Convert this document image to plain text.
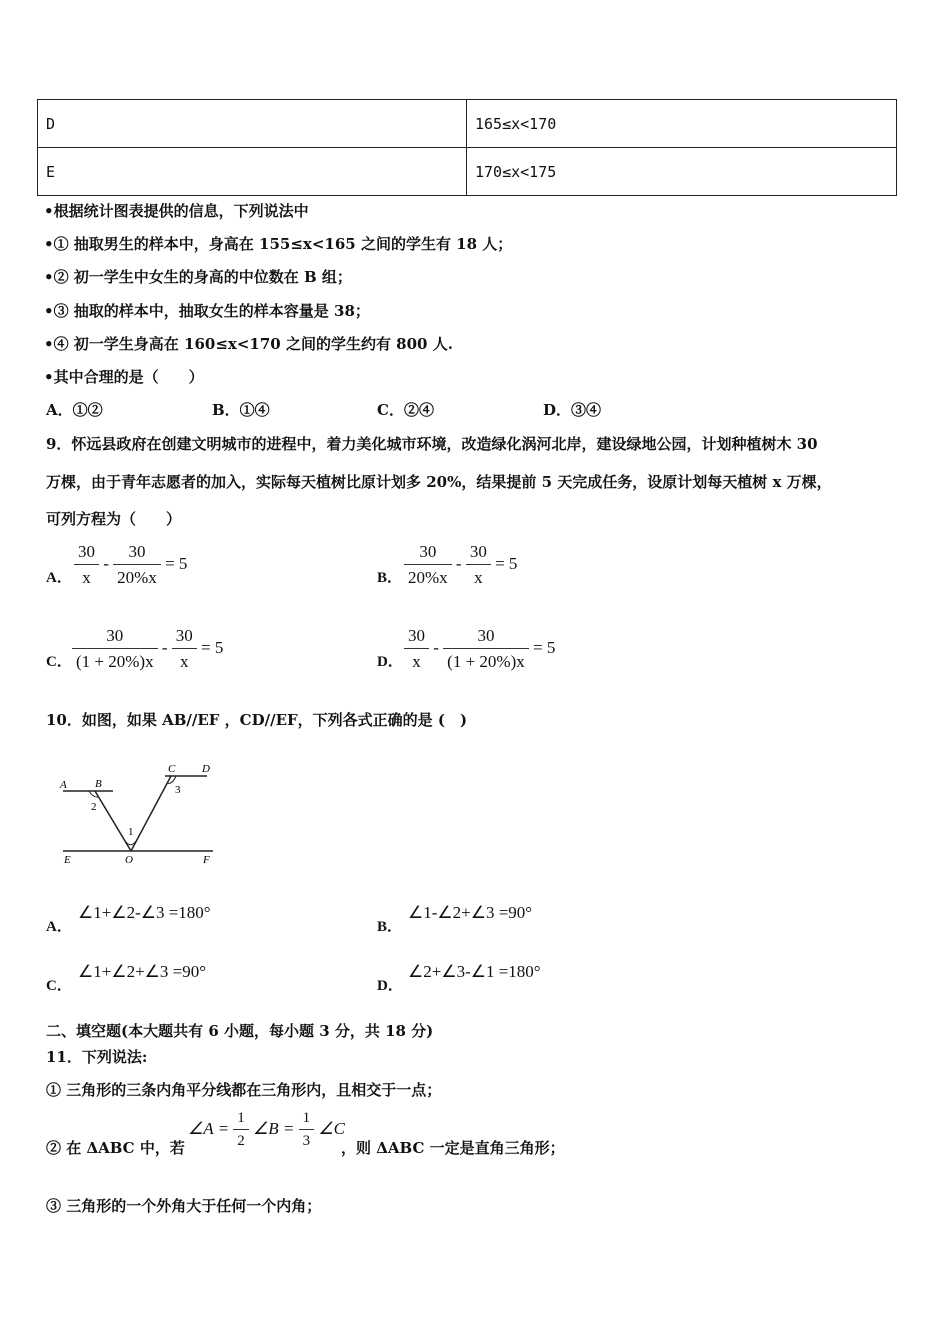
D	165≤x<170
E	170≤x<175
•根据统计图表提供的信息，下列说法中
•① 抽取男生的样本中，身高在 155≤x<165 之间的学生有 18 人；
•② 初一学生中女生的身高的中位数在 B 组；
•③ 抽取的样本中，抽取女生的样本容量是 38；
•④ 初一学生身高在 160≤x<170 之间的学生约有 800 人.
•其中合理的是（　　）
A．①②	B．①④	C．②④	D．③④
9．怀远县政府在创建文明城市的进程中，着力美化城市环境，改造绿化涡河北岸，建设绿地公园，计划种植树木 30
万棵，由于青年志愿者的加入，实际每天植树比原计划多 20%，结果提前 5 天完成任务，设原计划每天植树 x 万棵，
可列方程为（　　）
A． $\frac{30}{x} - \frac{30}{20\%x} = 5$
B． $\frac{30}{20\%x} - \frac{30}{x} = 5$
C． $\frac{30}{(1 + 20\%)x} - \frac{30}{x} = 5$
D． $\frac{30}{x} - \frac{30}{(1 + 20\%)x} = 5$
10．如图，如果 AB//EF ，CD//EF，下列各式正确的是 (　)
A	B
C D
E	O	F
1
2
3
A．
∠1+∠2-∠3 =180°
B．
∠1-∠2+∠3 =90°
C．
∠1+∠2+∠3 =90°
D．
∠2+∠3-∠1 =180°
二、填空题(本大题共有 6 小题，每小题 3 分，共 18 分)
11．下列说法:
① 三角形的三条内角平分线都在三角形内，且相交于一点；
② 在 ΔABC 中，若
∠A = $\frac{1}{2}$ ∠B = $\frac{1}{3}$ ∠C
，则 ΔABC 一定是直角三角形；
③ 三角形的一个外角大于任何一个内角；
